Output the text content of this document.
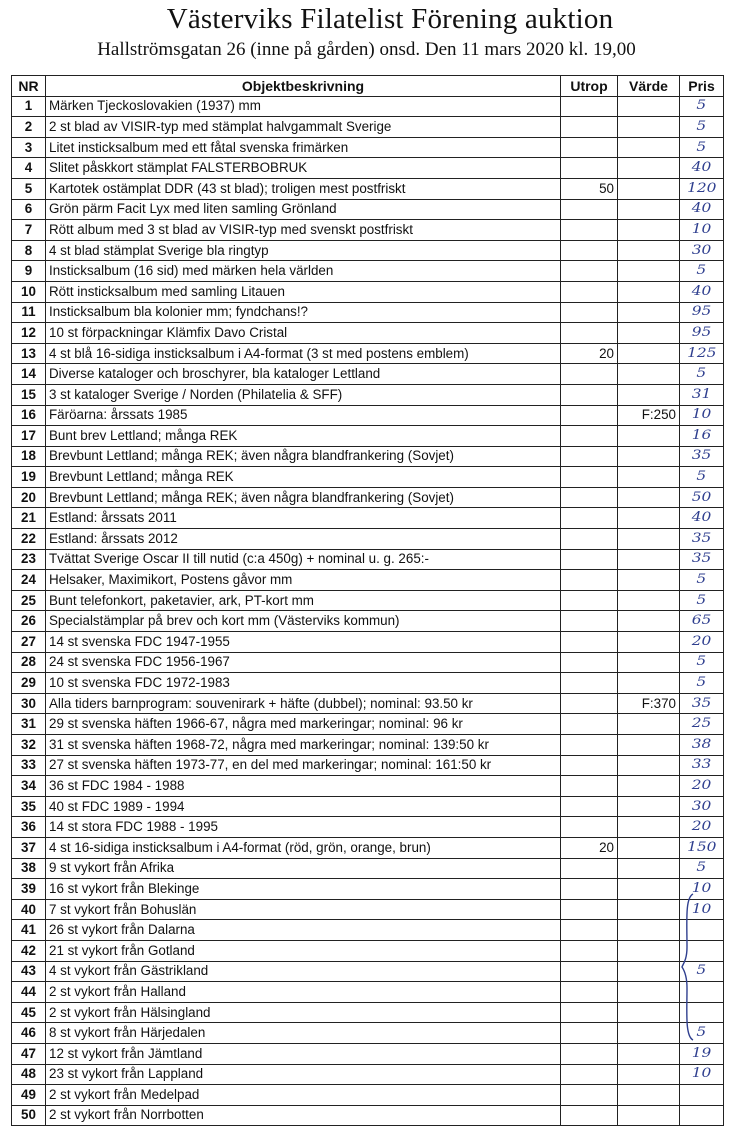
Västerviks Filatelist Förening auktion
Hallströmsgatan 26 (inne på gården) onsd. Den 11 mars 2020 kl. 19,00
NR	Objektbeskrivning	Utrop	Värde	Pris
1	Märken Tjeckoslovakien (1937) mm			5
2	2 st blad av VISIR-typ med stämplat halvgammalt Sverige			5
3	Litet insticksalbum med ett fåtal svenska frimärken			5
4	Slitet påskkort stämplat FALSTERBOBRUK			40
5	Kartotek ostämplat DDR (43 st blad); troligen mest postfriskt	50		120
6	Grön pärm Facit Lyx med liten samling Grönland			40
7	Rött album med 3 st blad av VISIR-typ med svenskt postfriskt			10
8	4 st blad stämplat Sverige bla ringtyp			30
9	Insticksalbum (16 sid) med märken hela världen			5
10	Rött insticksalbum med samling Litauen			40
11	Insticksalbum bla kolonier mm; fyndchans!?			95
12	10 st förpackningar Klämfix Davo Cristal			95
13	4 st blå 16-sidiga insticksalbum i A4-format (3 st med postens emblem)	20		125
14	Diverse kataloger och broschyrer, bla kataloger Lettland			5
15	3 st kataloger Sverige / Norden (Philatelia & SFF)			31
16	Färöarna: årssats 1985		F:250	10
17	Bunt brev Lettland; många REK			16
18	Brevbunt Lettland; många REK; även några blandfrankering (Sovjet)			35
19	Brevbunt Lettland; många REK			5
20	Brevbunt Lettland; många REK; även några blandfrankering (Sovjet)			50
21	Estland: årssats 2011			40
22	Estland: årssats 2012			35
23	Tvättat Sverige Oscar II till nutid (c:a 450g) + nominal u. g. 265:-			35
24	Helsaker, Maximikort, Postens gåvor mm			5
25	Bunt telefonkort, paketavier, ark, PT-kort mm			5
26	Specialstämplar på brev och kort mm (Västerviks kommun)			65
27	14 st svenska FDC 1947-1955			20
28	24 st svenska FDC 1956-1967			5
29	10 st svenska FDC 1972-1983			5
30	Alla tiders barnprogram: souvenirark + häfte (dubbel); nominal: 93.50 kr		F:370	35
31	29 st svenska häften 1966-67, några med markeringar; nominal: 96 kr			25
32	31 st svenska häften 1968-72, några med markeringar; nominal: 139:50 kr			38
33	27 st svenska häften 1973-77, en del med markeringar; nominal: 161:50 kr			33
34	36 st FDC 1984 - 1988			20
35	40 st FDC 1989 - 1994			30
36	14 st stora FDC 1988 - 1995			20
37	4 st 16-sidiga insticksalbum i A4-format (röd, grön, orange, brun)	20		150
38	9 st vykort från Afrika			5
39	16 st vykort från Blekinge			10
40	7 st vykort från Bohuslän			10
41	26 st vykort från Dalarna			
42	21 st vykort från Gotland			
43	4 st vykort från Gästrikland			5
44	2 st vykort från Halland			
45	2 st vykort från Hälsingland			
46	8 st vykort från Härjedalen			5
47	12 st vykort från Jämtland			19
48	23 st vykort från Lappland			10
49	2 st vykort från Medelpad			
50	2 st vykort från Norrbotten			
